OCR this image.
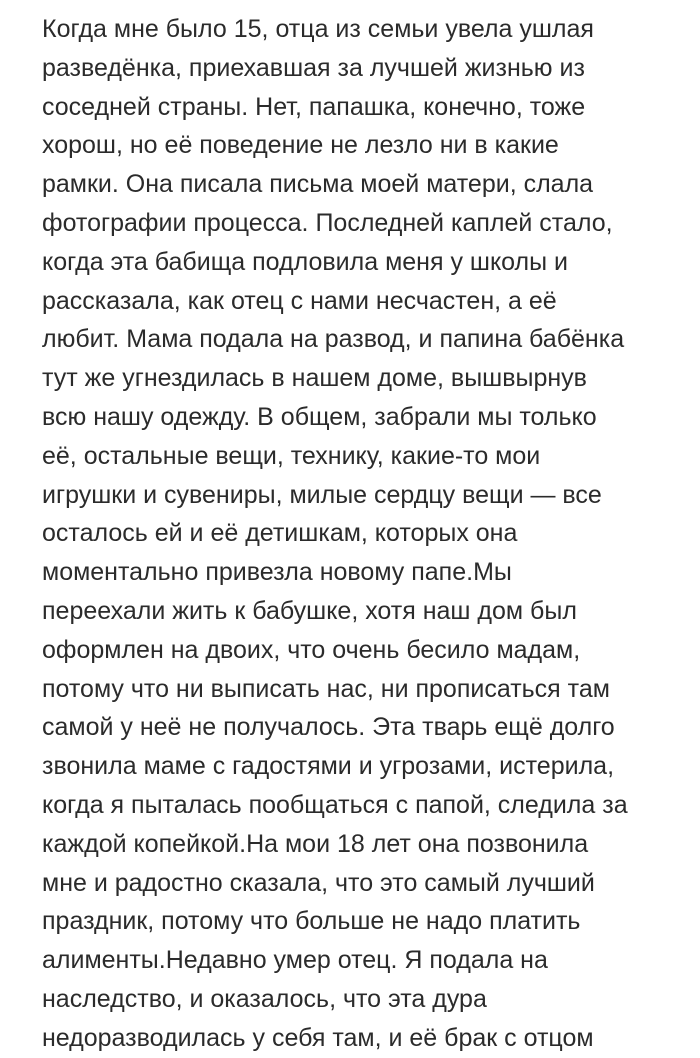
Когда мне было 15, отца из семьи увела ушлая
разведёнка, приехавшая за лучшей жизнью из
соседней страны. Нет, папашка, конечно, тоже
хорош, но её поведение не лезло ни в какие
рамки. Она писала письма моей матери, слала
фотографии процесса. Последней каплей стало,
когда эта бабища подловила меня у школы и
рассказала, как отец с нами несчастен, а её
любит. Мама подала на развод, и папина бабёнка
тут же угнездилась в нашем доме, вышвырнув
всю нашу одежду. В общем, забрали мы только
её, остальные вещи, технику, какие-то мои
игрушки и сувениры, милые сердцу вещи — все
осталось ей и её детишкам, которых она
моментально привезла новому папе.Мы
переехали жить к бабушке, хотя наш дом был
оформлен на двоих, что очень бесило мадам,
потому что ни выписать нас, ни прописаться там
самой у неё не получалось. Эта тварь ещё долго
звонила маме с гадостями и угрозами, истерила,
когда я пыталась пообщаться с папой, следила за
каждой копейкой.На мои 18 лет она позвонила
мне и радостно сказала, что это самый лучший
праздник, потому что больше не надо платить
алименты.Недавно умер отец. Я подала на
наследство, и оказалось, что эта дура
недоразводилась у себя там, и её брак с отцом
